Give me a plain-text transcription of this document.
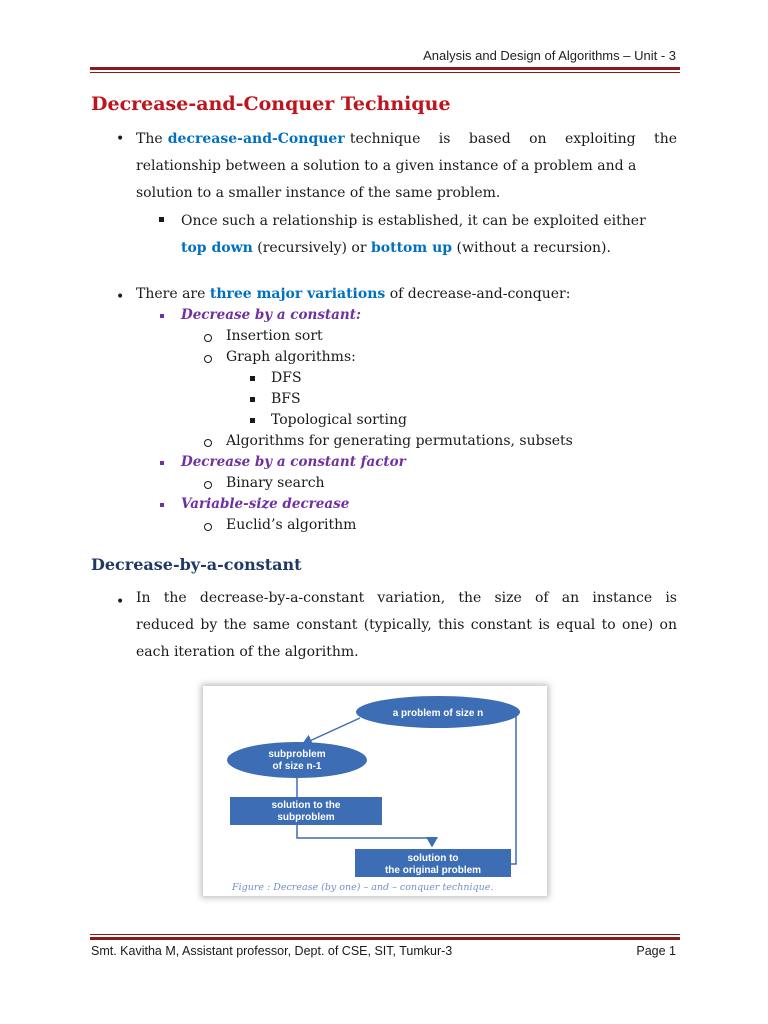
Analysis and Design of Algorithms – Unit - 3
Decrease-and-Conquer Technique
• The decrease-and-Conquer technique is based on exploiting the
relationship between a solution to a given instance of a problem and a
solution to a smaller instance of the same problem.
Once such a relationship is established, it can be exploited either
top down (recursively) or bottom up (without a recursion).
• There are three major variations of decrease-and-conquer:
Decrease by a constant:
Insertion sort
Graph algorithms:
DFS
BFS
Topological sorting
Algorithms for generating permutations, subsets
Decrease by a constant factor
Binary search
Variable-size decrease
Euclid’s algorithm
Decrease-by-a-constant
• In the decrease-by-a-constant variation, the size of an instance is
reduced by the same constant (typically, this constant is equal to one) on
each iteration of the algorithm.
a problem of size n
subproblem
of size n-1
solution to the
subproblem
solution to
the original problem
Figure : Decrease (by one) – and – conquer technique.
Smt. Kavitha M, Assistant professor, Dept. of CSE, SIT, Tumkur-3	Page 1
